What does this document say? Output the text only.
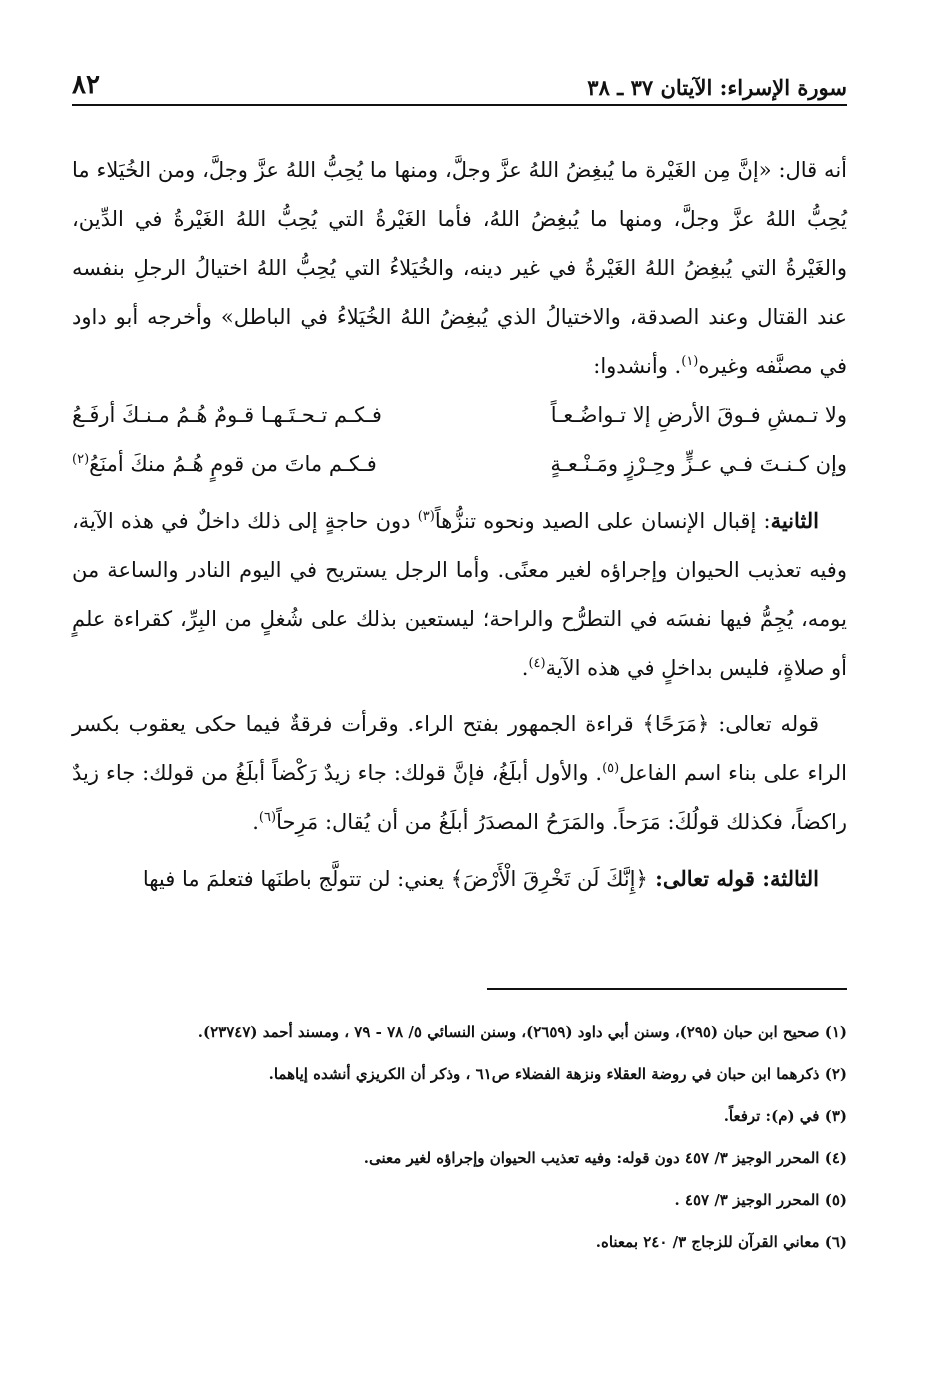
سورة الإسراء: الآيتان ٣٧ ـ ٣٨
٨٢

أنه قال: «إنَّ مِن الغَيْرة ما يُبغِضُ اللهُ عزَّ وجلَّ، ومنها ما يُحِبُّ اللهُ عزَّ وجلَّ، ومن الخُيَلاء ما يُحِبُّ اللهُ عزَّ وجلَّ، ومنها ما يُبغِضُ اللهُ، فأما الغَيْرةُ التي يُحِبُّ اللهُ الغَيْرةُ في الدِّين، والغَيْرةُ التي يُبغِضُ اللهُ الغَيْرةُ في غير دينه، والخُيَلاءُ التي يُحِبُّ اللهُ اختيالُ الرجلِ بنفسه عند القتال وعند الصدقة، والاختيالُ الذي يُبغِضُ اللهُ الخُيَلاءُ في الباطل» وأخرجه أبو داود في مصنَّفه وغيره$^{(١)}$. وأنشدوا:

ولا تـمشِ فـوقَ الأرضِ إلا تـواضُـعـاً
فـكـم تـحـتَـهـا قـومٌ هُـمُ مـنـكَ أرفَـعُ
وإن كـنـتَ فـي عـزٍّ وحِـرْزٍ ومَـنْـعـةٍ
فـكـم ماتَ من قومٍ هُـمُ منكَ أمنَعُ$^{(٢)}$

الثانية: إقبال الإنسان على الصيد ونحوه تنزُّهاً$^{(٣)}$ دون حاجةٍ إلى ذلك داخلٌ في هذه الآية، وفيه تعذيب الحيوان وإجراؤه لغير معنًى. وأما الرجل يستريح في اليوم النادر والساعة من يومه، يُجِمُّ فيها نفسَه في التطرُّح والراحة؛ ليستعين بذلك على شُغلٍ من البِرِّ، كقراءة علمٍ أو صلاةٍ، فليس بداخلٍ في هذه الآية$^{(٤)}$.

قوله تعالى: ﴿مَرَحًا﴾ قراءة الجمهور بفتح الراء. وقرأت فرقةٌ فيما حكى يعقوب بكسر الراء على بناء اسم الفاعل$^{(٥)}$. والأول أبلَغُ، فإنَّ قولك: جاء زيدٌ رَكْضاً أبلَغُ من قولك: جاء زيدٌ راكضاً، فكذلك قولُكَ: مَرَحاً. والمَرَحُ المصدَرُ أبلَغُ من أن يُقال: مَرِحاً$^{(٦)}$.

الثالثة: قوله تعالى: ﴿إِنَّكَ لَن تَخْرِقَ الْأَرْضَ﴾ يعني: لن تتولَّج باطنَها فتعلمَ ما فيها

(١) صحيح ابن حبان (٢٩٥)، وسنن أبي داود (٢٦٥٩)، وسنن النسائي ٥/ ٧٨ - ٧٩ ، ومسند أحمد (٢٣٧٤٧).

(٢) ذكرهما ابن حبان في روضة العقلاء ونزهة الفضلاء ص٦١ ، وذكر أن الكريزي أنشده إياهما.

(٣) في (م): ترفعاً.

(٤) المحرر الوجيز ٣/ ٤٥٧ دون قوله: وفيه تعذيب الحيوان وإجراؤه لغير معنى.

(٥) المحرر الوجيز ٣/ ٤٥٧ .

(٦) معاني القرآن للزجاج ٣/ ٢٤٠ بمعناه.
